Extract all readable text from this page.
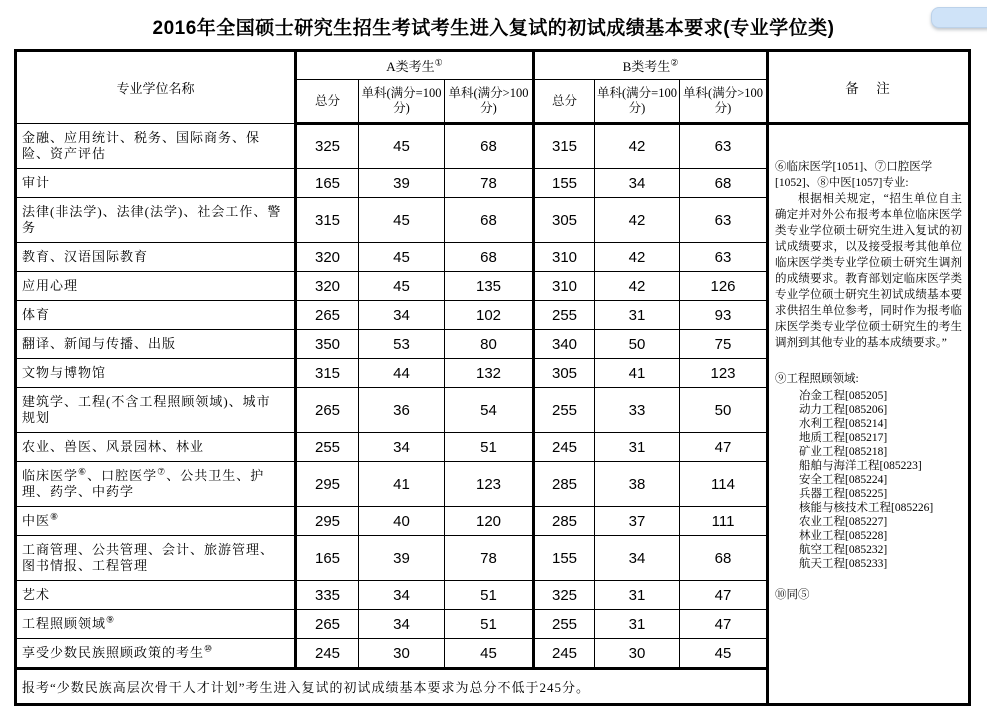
2016年全国硕士研究生招生考试考生进入复试的初试成绩基本要求(专业学位类)
专业学位名称	A类考生①			B类考生②			备　注
	总分	单科(满分=100分)	单科(满分>100分)	总分	单科(满分=100分)	单科(满分>100分)	
金融、应用统计、税务、国际商务、保险、资产评估	325	45	68	315	42	63	

⑥临床医学[1051]、⑦口腔医学[1052]、⑧中医[1057]专业:

根据相关规定，“招生单位自主确定并对外公布报考本单位临床医学类专业学位硕士研究生进入复试的初试成绩要求，以及接受报考其他单位临床医学类专业学位硕士研究生调剂的成绩要求。教育部划定临床医学类专业学位硕士研究生初试成绩基本要求供招生单位参考，同时作为报考临床医学类专业学位硕士研究生的考生调剂到其他专业的基本成绩要求。”

⑨工程照顾领域:

冶金工程[085205]
动力工程[085206]
水利工程[085214]
地质工程[085217]
矿业工程[085218]
船舶与海洋工程[085223]
安全工程[085224]
兵器工程[085225]
核能与核技术工程[085226]
农业工程[085227]
林业工程[085228]
航空工程[085232]
航天工程[085233]

⑩同⑤

审计	165	39	78	155	34	68	
法律(非法学)、法律(法学)、社会工作、警务	315	45	68	305	42	63	
教育、汉语国际教育	320	45	68	310	42	63	
应用心理	320	45	135	310	42	126	
体育	265	34	102	255	31	93	
翻译、新闻与传播、出版	350	53	80	340	50	75	
文物与博物馆	315	44	132	305	41	123	
建筑学、工程(不含工程照顾领域)、城市规划	265	36	54	255	33	50	
农业、兽医、风景园林、林业	255	34	51	245	31	47	
临床医学⑥、口腔医学⑦、公共卫生、护理、药学、中药学	295	41	123	285	38	114	
中医⑧	295	40	120	285	37	111	
工商管理、公共管理、会计、旅游管理、图书情报、工程管理	165	39	78	155	34	68	
艺术	335	34	51	325	31	47	
工程照顾领域⑨	265	34	51	255	31	47	
享受少数民族照顾政策的考生⑩	245	30	45	245	30	45	
报考“少数民族高层次骨干人才计划”考生进入复试的初试成绩基本要求为总分不低于245分。							
